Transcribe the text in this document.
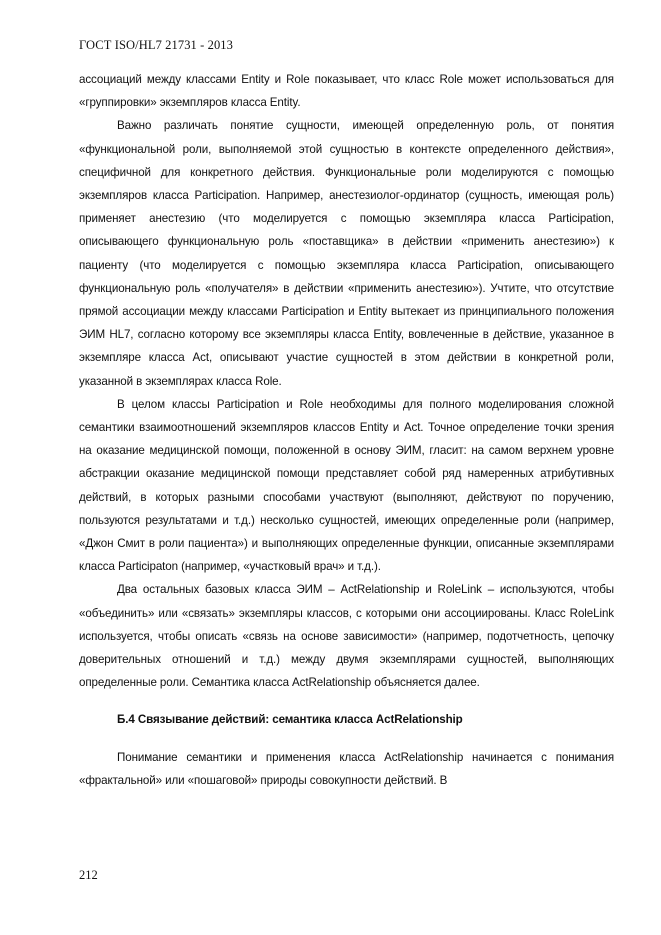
ГОСТ ISO/HL7 21731 - 2013

ассоциаций между классами Entity и Role показывает, что класс Role может использоваться для «группировки» экземпляров класса Entity.

Важно различать понятие сущности, имеющей определенную роль, от понятия «функциональной роли, выполняемой этой сущностью в контексте определенного действия», специфичной для конкретного действия. Функциональные роли моделируются с помощью экземпляров класса Participation. Например, анестезиолог-ординатор (сущность, имеющая роль) применяет анестезию (что моделируется с помощью экземпляра класса Participation, описывающего функциональную роль «поставщика» в действии «применить анестезию») к пациенту (что моделируется с помощью экземпляра класса Participation, описывающего функциональную роль «получателя» в действии «применить анестезию»). Учтите, что отсутствие прямой ассоциации между классами Participation и Entity вытекает из принципиального положения ЭИМ HL7, согласно которому все экземпляры класса Entity, вовлеченные в действие, указанное в экземпляре класса Act, описывают участие сущностей в этом действии в конкретной роли, указанной в экземплярах класса Role.

В целом классы Participation и Role необходимы для полного моделирования сложной семантики взаимоотношений экземпляров классов Entity и Act. Точное определение точки зрения на оказание медицинской помощи, положенной в основу ЭИМ, гласит: на самом верхнем уровне абстракции оказание медицинской помощи представляет собой ряд намеренных атрибутивных действий, в которых разными способами участвуют (выполняют, действуют по поручению, пользуются результатами и т.д.) несколько сущностей, имеющих определенные роли (например, «Джон Смит в роли пациента») и выполняющих определенные функции, описанные экземплярами класса Participaton (например, «участковый врач» и т.д.).

Два остальных базовых класса ЭИМ – ActRelationship и RoleLink – используются, чтобы «объединить» или «связать» экземпляры классов, с которыми они ассоциированы. Класс RoleLink используется, чтобы описать «связь на основе зависимости» (например, подотчетность, цепочку доверительных отношений и т.д.) между двумя экземплярами сущностей, выполняющих определенные роли. Семантика класса ActRelationship объясняется далее.

Б.4 Связывание действий: семантика класса ActRelationship

Понимание семантики и применения класса ActRelationship начинается с понимания «фрактальной» или «пошаговой» природы совокупности действий. В

212
